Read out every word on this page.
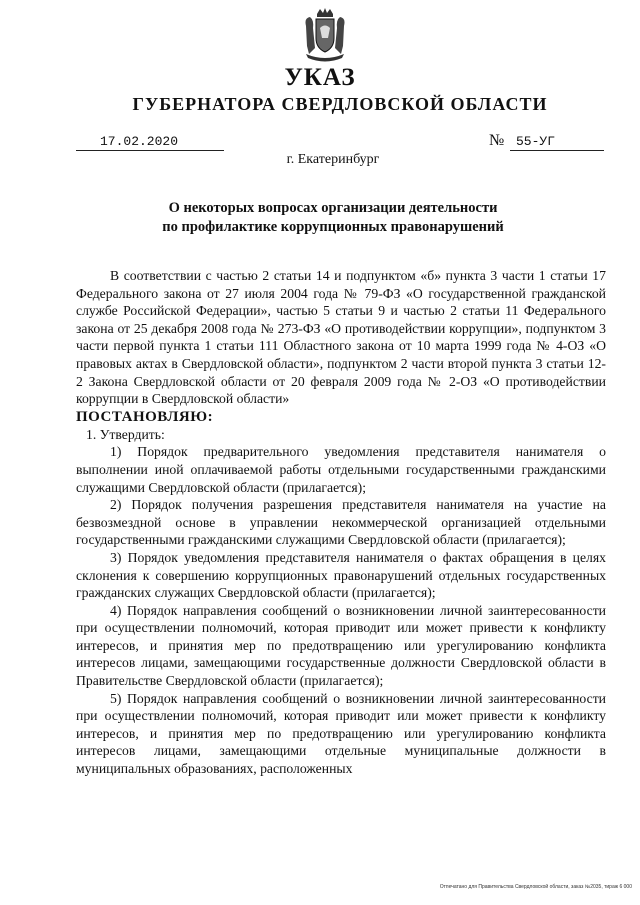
УКАЗ
ГУБЕРНАТОРА СВЕРДЛОВСКОЙ ОБЛАСТИ
17.02.2020	№ 55-УГ
г. Екатеринбург
О некоторых вопросах организации деятельности
по профилактике коррупционных правонарушений

В соответствии с частью 2 статьи 14 и подпунктом «б» пункта 3 части 1 статьи 17 Федерального закона от 27 июля 2004 года № 79-ФЗ «О государственной гражданской службе Российской Федерации», частью 5 статьи 9 и частью 2 статьи 11 Федерального закона от 25 декабря 2008 года № 273-ФЗ «О противодействии коррупции», подпунктом 3 части первой пункта 1 статьи 111 Областного закона от 10 марта 1999 года № 4-ОЗ «О правовых актах в Свердловской области», подпунктом 2 части второй пункта 3 статьи 12-2 Закона Свердловской области от 20 февраля 2009 года № 2-ОЗ «О противодействии коррупции в Свердловской области»

ПОСТАНОВЛЯЮ:

1. Утвердить:

1) Порядок предварительного уведомления представителя нанимателя о выполнении иной оплачиваемой работы отдельными государственными гражданскими служащими Свердловской области (прилагается);

2) Порядок получения разрешения представителя нанимателя на участие на безвозмездной основе в управлении некоммерческой организацией отдельными государственными гражданскими служащими Свердловской области (прилагается);

3) Порядок уведомления представителя нанимателя о фактах обращения в целях склонения к совершению коррупционных правонарушений отдельных государственных гражданских служащих Свердловской области (прилагается);

4) Порядок направления сообщений о возникновении личной заинтересованности при осуществлении полномочий, которая приводит или может привести к конфликту интересов, и принятия мер по предотвращению или урегулированию конфликта интересов лицами, замещающими государственные должности Свердловской области в Правительстве Свердловской области (прилагается);

5) Порядок направления сообщений о возникновении личной заинтересованности при осуществлении полномочий, которая приводит или может привести к конфликту интересов, и принятия мер по предотвращению или урегулированию конфликта интересов лицами, замещающими отдельные муниципальные должности в муниципальных образованиях, расположенных

Отпечатано для Правительства Свердловской области, заказ №2035, тираж 6 000
